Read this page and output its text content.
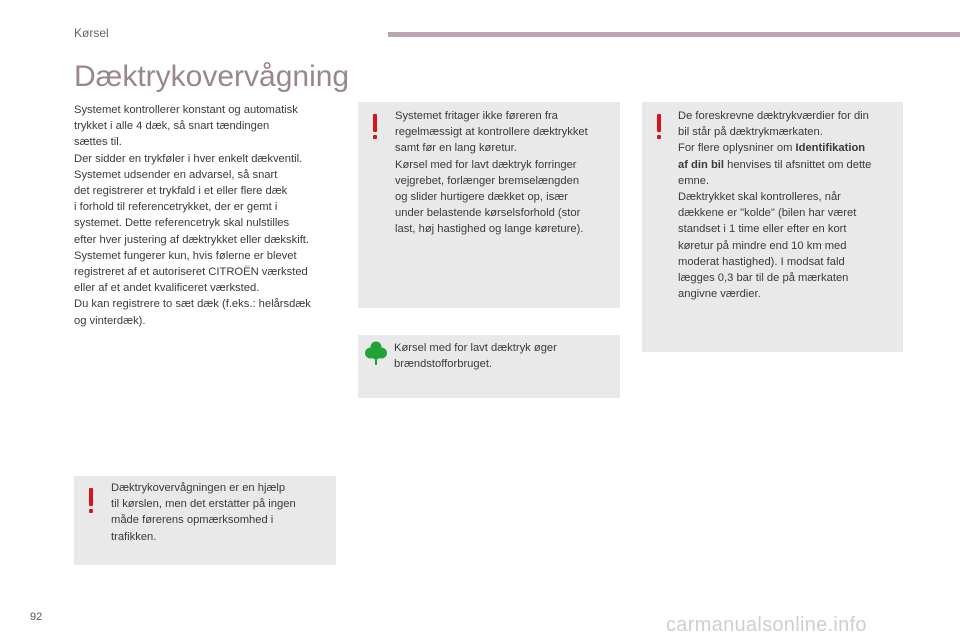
Kørsel
Dæktrykovervågning
Systemet kontrollerer konstant og automatisk
trykket i alle 4 dæk, så snart tændingen
sættes til.
Der sidder en trykføler i hver enkelt dækventil.
Systemet udsender en advarsel, så snart
det registrerer et trykfald i et eller flere dæk
i forhold til referencetrykket, der er gemt i
systemet. Dette referencetryk skal nulstilles
efter hver justering af dæktrykket eller dækskift.
Systemet fungerer kun, hvis følerne er blevet
registreret af et autoriseret CITROËN værksted
eller af et andet kvalificeret værksted.
Du kan registrere to sæt dæk (f.eks.: helårsdæk
og vinterdæk).
Dæktrykovervågningen er en hjælp
til kørslen, men det erstatter på ingen
måde førerens opmærksomhed i
trafikken.
Systemet fritager ikke føreren fra
regelmæssigt at kontrollere dæktrykket
samt før en lang køretur.
Kørsel med for lavt dæktryk forringer
vejgrebet, forlænger bremselængden
og slider hurtigere dækket op, især
under belastende kørselsforhold (stor
last, høj hastighed og lange køreture).
Kørsel med for lavt dæktryk øger
brændstofforbruget.
De foreskrevne dæktrykværdier for din
bil står på dæktrykmærkaten.
For flere oplysniner om Identifikation
af din bil henvises til afsnittet om dette
emne.
Dæktrykket skal kontrolleres, når
dækkene er "kolde" (bilen har været
standset i 1 time eller efter en kort
køretur på mindre end 10 km med
moderat hastighed). I modsat fald
lægges 0,3 bar til de på mærkaten
angivne værdier.
92	carmanualsonline.info
